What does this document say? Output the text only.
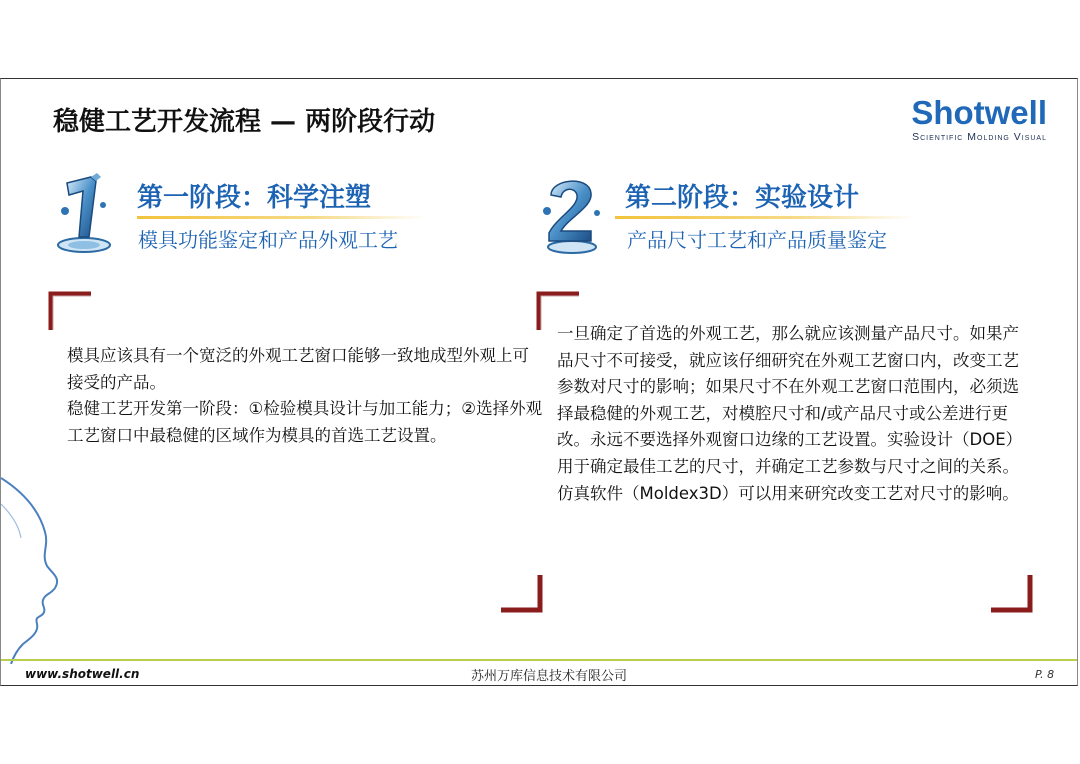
稳健工艺开发流程 — 两阶段行动	Shotwell
Scientific Molding Visual
第一阶段：科学注塑
模具功能鉴定和产品外观工艺
第二阶段：实验设计
产品尺寸工艺和产品质量鉴定

模具应该具有一个宽泛的外观工艺窗口能够一致地成型外观上可接受的产品。

稳健工艺开发第一阶段：①检验模具设计与加工能力；②选择外观工艺窗口中最稳健的区域作为模具的首选工艺设置。

一旦确定了首选的外观工艺，那么就应该测量产品尺寸。如果产品尺寸不可接受，就应该仔细研究在外观工艺窗口内，改变工艺参数对尺寸的影响；如果尺寸不在外观工艺窗口范围内，必须选择最稳健的外观工艺，对模腔尺寸和/或产品尺寸或公差进行更改。永远不要选择外观窗口边缘的工艺设置。实验设计（DOE）用于确定最佳工艺的尺寸，并确定工艺参数与尺寸之间的关系。仿真软件（Moldex3D）可以用来研究改变工艺对尺寸的影响。

www.shotwell.cn	苏州万库信息技术有限公司	P. 8
